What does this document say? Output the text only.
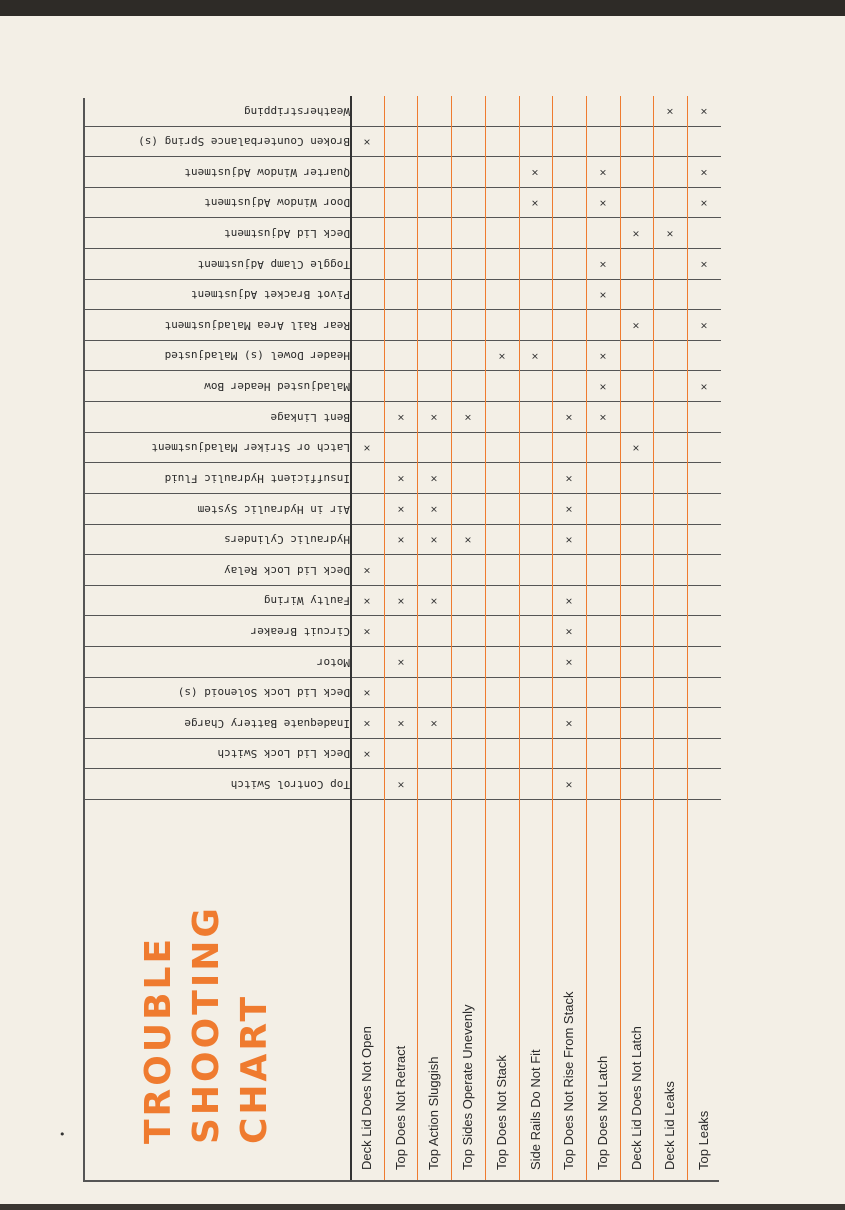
• TROUBLE SHOOTING CHART
Top Control Switch
Deck Lid Lock Switch
Inadequate Battery Charge
Deck Lid Lock Solenoid (s)
Motor
Circuit Breaker
Faulty Wiring
Deck Lid Lock Relay
Hydraulic Cylinders
Air in Hydraulic System
Insufficient Hydraulic Fluid
Latch or Striker Maladjustment
Bent Linkage
Maladjusted Header Bow
Header Dowel (s) Maladjusted
Rear Rail Area Maladjustment
Pivot Bracket Adjustment
Toggle Clamp Adjustment
Deck Lid Adjustment
Door Window Adjustment
Quarter Window Adjustment
Broken Counterbalance Spring (s)
Weatherstripping
Deck Lid Does Not Open
×
×
×
×
×
×
×
×
Top Does Not Retract
×
×
×
×
×
×
×
×
Top Action Sluggish
×
×
×
×
×
×
Top Sides Operate Unevenly
×
×
Top Does Not Stack
×
Side Rails Do Not Fit
×
×
×
Top Does Not Rise From Stack
×
×
×
×
×
×
×
×
×
Top Does Not Latch
×
×
×
×
×
×
×
Deck Lid Does Not Latch
×
×
×
Deck Lid Leaks
×
×
Top Leaks
×
×
×
×
×
×
